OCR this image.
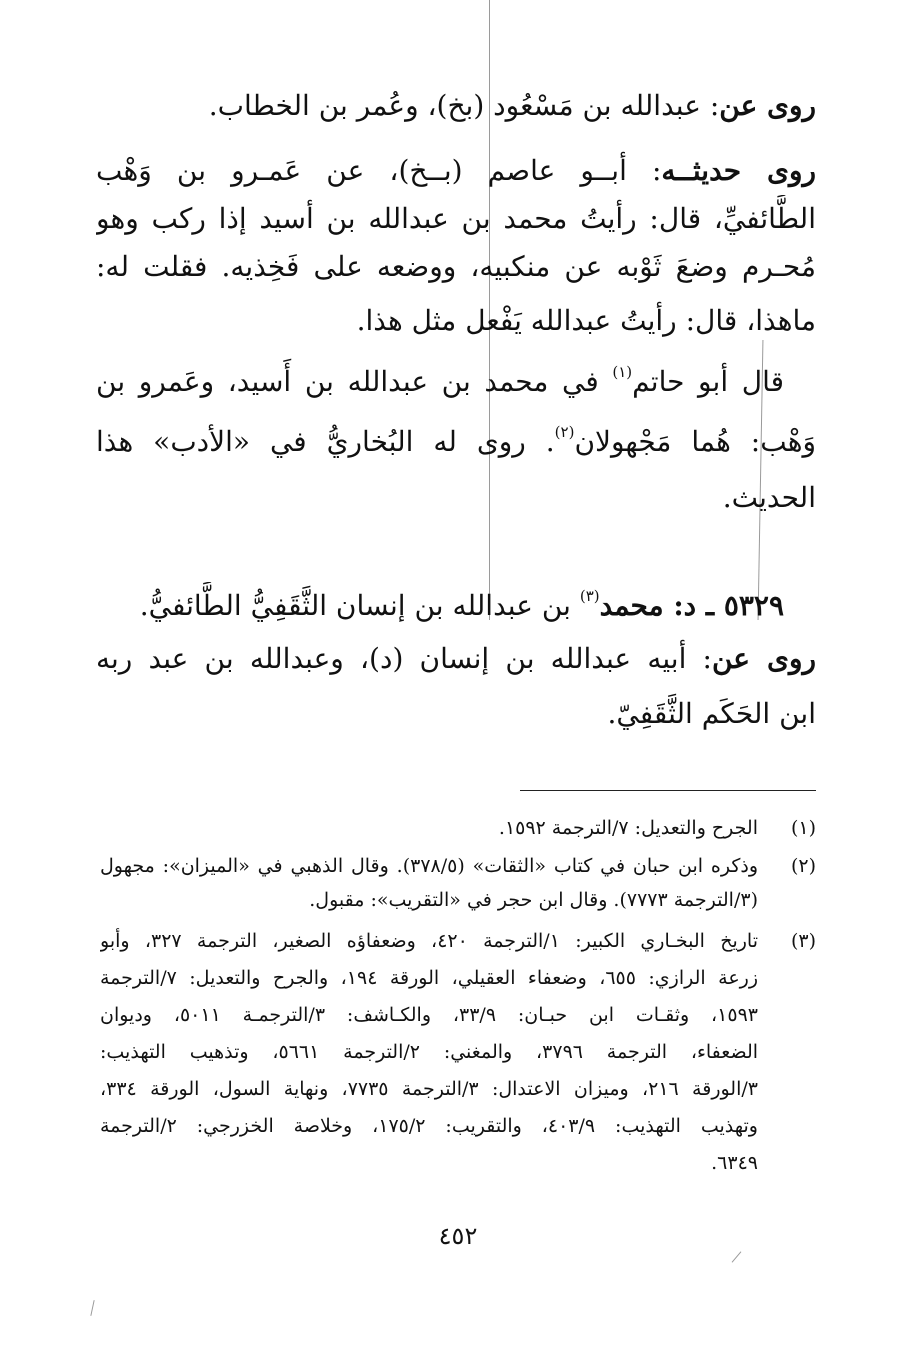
روى عن: عبدالله بن مَسْعُود (بخ)، وعُمر بن الخطاب.
روى حديثــه: أبــو عاصم (بــخ)، عن عَمـرو بن وَهْب
الطَّائفيِّ، قال: رأيتُ محمد بن عبدالله بن أسيد إذا ركب وهو
مُحـرم وضعَ ثَوْبه عن منكبيه، ووضعه على فَخِذيه. فقلت له:
ماهذا، قال: رأيتُ عبدالله يَفْعل مثل هذا.
قال أبو حاتم$^{(١)}$ في محمد بن عبدالله بن أَسيد، وعَمرو بن
وَهْب: هُما مَجْهولان$^{(٢)}$. روى له البُخاريُّ في «الأدب» هذا
الحديث.
٥٣٢٩ ـ د: محمد$^{(٣)}$ بن عبدالله بن إنسان الثَّقَفِيُّ الطَّائفيُّ.
روى عن: أبيه عبدالله بن إنسان (د)، وعبدالله بن عبد ربه
ابن الحَكَم الثَّقَفِيّ.
(١)
الجرح والتعديل: ٧/الترجمة ١٥٩٢.
(٢)
وذكره ابن حبان في كتاب «الثقات» (٣٧٨/٥). وقال الذهبي في «الميزان»: مجهول
(٣/الترجمة ٧٧٧٣). وقال ابن حجر في «التقريب»: مقبول.
(٣)
تاريخ البخـاري الكبير: ١/الترجمة ٤٢٠، وضعفاؤه الصغير، الترجمة ٣٢٧، وأبو
زرعة الرازي: ٦٥٥، وضعفاء العقيلي، الورقة ١٩٤، والجرح والتعديل: ٧/الترجمة
١٥٩٣، وثقـات ابن حبـان: ٣٣/٩، والكـاشف: ٣/الترجمـة ٥٠١١، وديوان
الضعفاء، الترجمة ٣٧٩٦، والمغني: ٢/الترجمة ٥٦٦١، وتذهيب التهذيب:
٣/الورقة ٢١٦، وميزان الاعتدال: ٣/الترجمة ٧٧٣٥، ونهاية السول، الورقة ٣٣٤،
وتهذيب التهذيب: ٤٠٣/٩، والتقريب: ١٧٥/٢، وخلاصة الخزرجي: ٢/الترجمة
٦٣٤٩.
٤٥٢
